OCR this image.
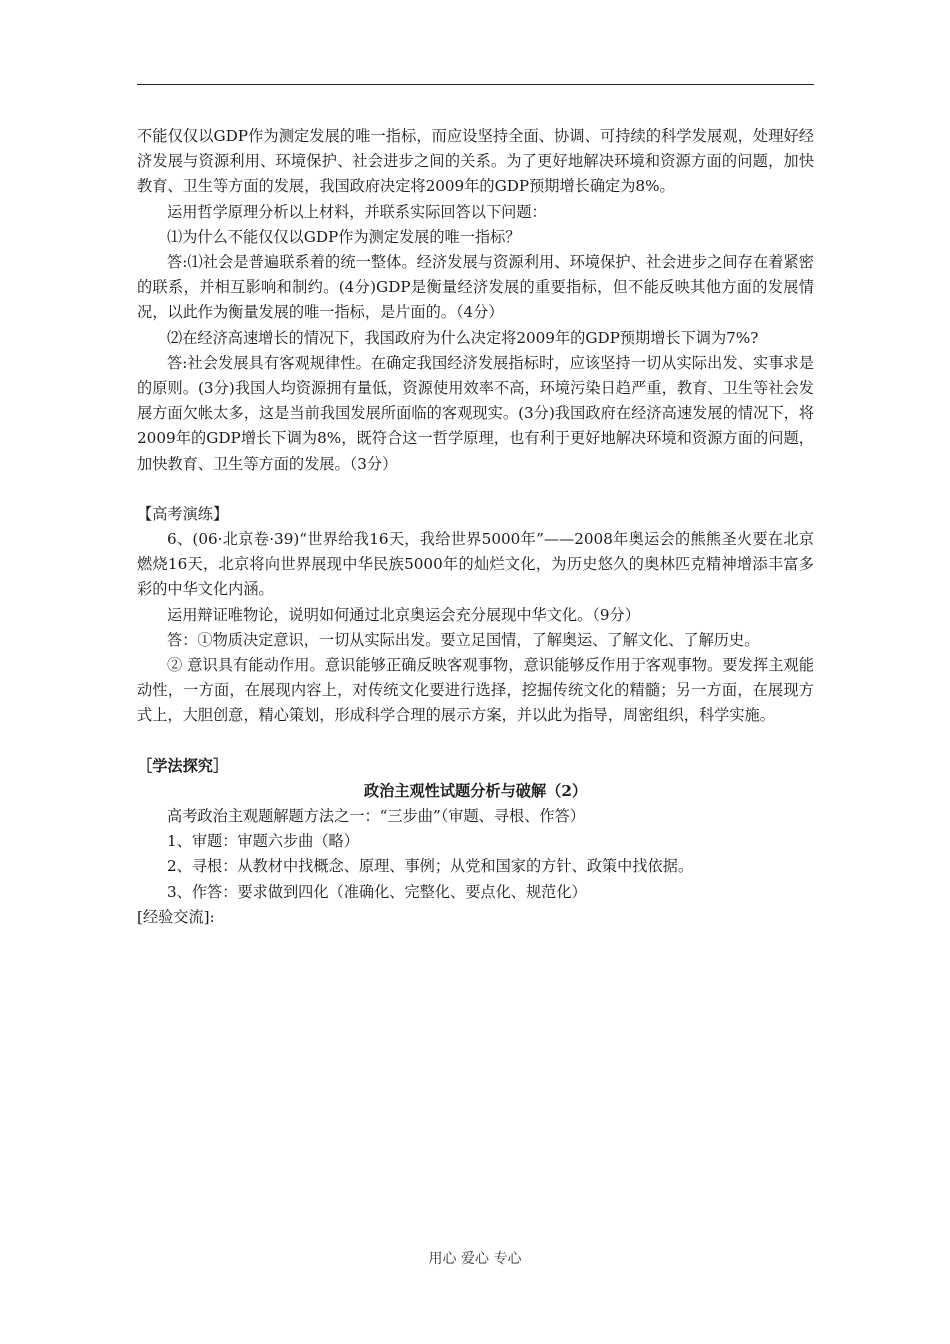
不能仅仅以GDP作为测定发展的唯一指标，而应设坚持全面、协调、可持续的科学发展观，处理好经济发展与资源利用、环境保护、社会进步之间的关系。为了更好地解决环境和资源方面的问题，加快教育、卫生等方面的发展，我国政府决定将2009年的GDP预期增长确定为8%。

运用哲学原理分析以上材料，并联系实际回答以下问题：

⑴为什么不能仅仅以GDP作为测定发展的唯一指标？

答:⑴社会是普遍联系着的统一整体。经济发展与资源利用、环境保护、社会进步之间存在着紧密的联系，并相互影响和制约。(4分)GDP是衡量经济发展的重要指标，但不能反映其他方面的发展情况，以此作为衡量发展的唯一指标，是片面的。（4分）

⑵在经济高速增长的情况下，我国政府为什么决定将2009年的GDP预期增长下调为7%?

答:社会发展具有客观规律性。在确定我国经济发展指标时，应该坚持一切从实际出发、实事求是的原则。(3分)我国人均资源拥有量低，资源使用效率不高，环境污染日趋严重，教育、卫生等社会发展方面欠帐太多，这是当前我国发展所面临的客观现实。(3分)我国政府在经济高速发展的情况下，将2009年的GDP增长下调为8%，既符合这一哲学原理，也有利于更好地解决环境和资源方面的问题，加快教育、卫生等方面的发展。（3分）

【高考演练】

6、(06·北京卷·39)“世界给我16天，我给世界5000年”——2008年奥运会的熊熊圣火要在北京燃烧16天，北京将向世界展现中华民族5000年的灿烂文化，为历史悠久的奥林匹克精神增添丰富多彩的中华文化内涵。

运用辩证唯物论，说明如何通过北京奥运会充分展现中华文化。（9分）

答：①物质决定意识，一切从实际出发。要立足国情，了解奥运、了解文化、了解历史。

② 意识具有能动作用。意识能够正确反映客观事物，意识能够反作用于客观事物。要发挥主观能动性，一方面，在展现内容上，对传统文化要进行选择，挖掘传统文化的精髓；另一方面，在展现方式上，大胆创意，精心策划，形成科学合理的展示方案，并以此为指导，周密组织，科学实施。

［学法探究］

政治主观性试题分析与破解（2）

高考政治主观题解题方法之一：“三步曲”（审题、寻根、作答）

1、审题：审题六步曲（略）

2、寻根：从教材中找概念、原理、事例；从党和国家的方针、政策中找依据。

3、作答：要求做到四化（准确化、完整化、要点化、规范化）

[经验交流]:

用心 爱心 专心
